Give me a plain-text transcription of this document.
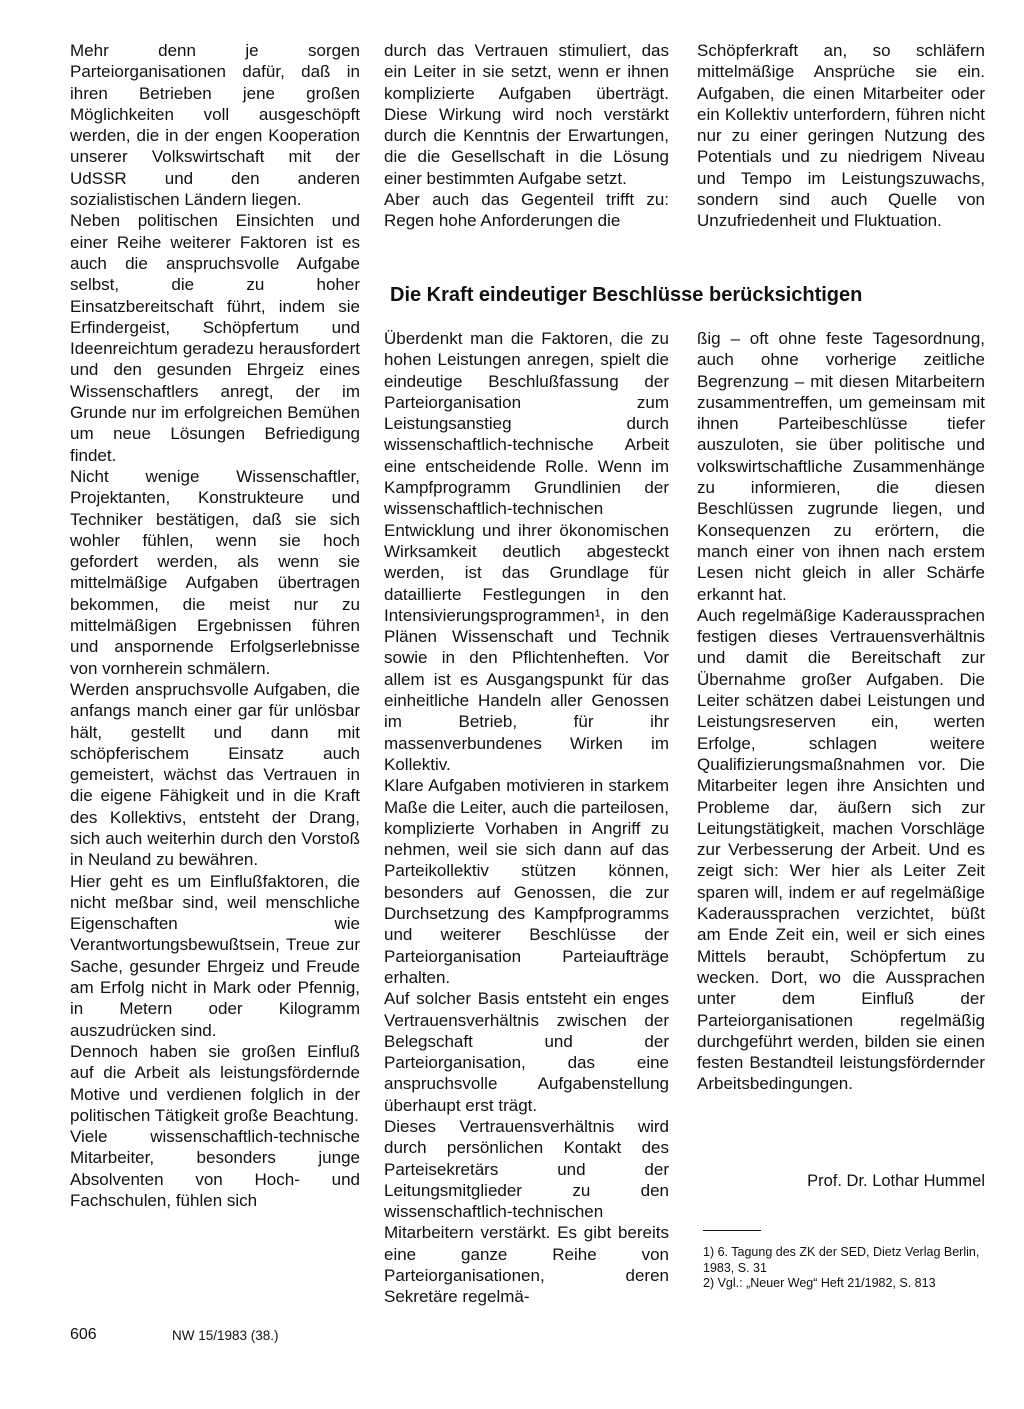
Mehr denn je sorgen Parteiorganisationen dafür, daß in ihren Betrieben jene großen Möglichkeiten voll ausgeschöpft werden, die in der engen Kooperation unserer Volkswirtschaft mit der UdSSR und den anderen sozialistischen Ländern liegen.

Neben politischen Einsichten und einer Reihe weiterer Faktoren ist es auch die anspruchsvolle Aufgabe selbst, die zu hoher Einsatzbereitschaft führt, indem sie Erfindergeist, Schöpfertum und Ideenreichtum geradezu herausfordert und den gesunden Ehrgeiz eines Wissenschaftlers anregt, der im Grunde nur im erfolgreichen Bemühen um neue Lösungen Befriedigung findet.

Nicht wenige Wissenschaftler, Projektanten, Konstrukteure und Techniker bestätigen, daß sie sich wohler fühlen, wenn sie hoch gefordert werden, als wenn sie mittelmäßige Aufgaben übertragen bekommen, die meist nur zu mittelmäßigen Ergebnissen führen und anspornende Erfolgserlebnisse von vornherein schmälern.

Werden anspruchsvolle Aufgaben, die anfangs manch einer gar für unlösbar hält, gestellt und dann mit schöpferischem Einsatz auch gemeistert, wächst das Vertrauen in die eigene Fähigkeit und in die Kraft des Kollektivs, entsteht der Drang, sich auch weiterhin durch den Vorstoß in Neuland zu bewähren.

Hier geht es um Einflußfaktoren, die nicht meßbar sind, weil menschliche Eigenschaften wie Verantwortungsbewußtsein, Treue zur Sache, gesunder Ehrgeiz und Freude am Erfolg nicht in Mark oder Pfennig, in Metern oder Kilogramm auszudrücken sind.

Dennoch haben sie großen Einfluß auf die Arbeit als leistungsfördernde Motive und verdienen folglich in der politischen Tätigkeit große Beachtung.

Viele wissenschaftlich-technische Mitarbeiter, besonders junge Absolventen von Hoch- und Fachschulen, fühlen sich

durch das Vertrauen stimuliert, das ein Leiter in sie setzt, wenn er ihnen komplizierte Aufgaben überträgt. Diese Wirkung wird noch verstärkt durch die Kenntnis der Erwartungen, die die Gesellschaft in die Lösung einer bestimmten Aufgabe setzt.

Aber auch das Gegenteil trifft zu: Regen hohe Anforderungen die

Schöpferkraft an, so schläfern mittelmäßige Ansprüche sie ein. Aufgaben, die einen Mitarbeiter oder ein Kollektiv unterfordern, führen nicht nur zu einer geringen Nutzung des Potentials und zu niedrigem Niveau und Tempo im Leistungszuwachs, sondern sind auch Quelle von Unzufriedenheit und Fluktuation.

Die Kraft eindeutiger Beschlüsse berücksichtigen

Überdenkt man die Faktoren, die zu hohen Leistungen anregen, spielt die eindeutige Beschlußfassung der Parteiorganisation zum Leistungsanstieg durch wissenschaftlich-technische Arbeit eine entscheidende Rolle. Wenn im Kampfprogramm Grundlinien der wissenschaftlich-technischen Entwicklung und ihrer ökonomischen Wirksamkeit deutlich abgesteckt werden, ist das Grundlage für datailliertе Festlegungen in den Intensivierungsprogrammen¹, in den Plänen Wissenschaft und Technik sowie in den Pflichtenheften. Vor allem ist es Ausgangspunkt für das einheitliche Handeln aller Genossen im Betrieb, für ihr massenverbundenes Wirken im Kollektiv.

Klare Aufgaben motivieren in starkem Maße die Leiter, auch die parteilosen, komplizierte Vorhaben in Angriff zu nehmen, weil sie sich dann auf das Parteikollektiv stützen können, besonders auf Genossen, die zur Durchsetzung des Kampfprogramms und weiterer Beschlüsse der Parteiorganisation Parteiaufträge erhalten.

Auf solcher Basis entsteht ein enges Vertrauensverhältnis zwischen der Belegschaft und der Parteiorganisation, das eine anspruchsvolle Aufgabenstellung überhaupt erst trägt.

Dieses Vertrauensverhältnis wird durch persönlichen Kontakt des Parteisekretärs und der Leitungsmitglieder zu den wissenschaftlich-technischen Mitarbeitern verstärkt. Es gibt bereits eine ganze Reihe von Parteiorganisationen, deren Sekretäre regelmä-

ßig – oft ohne feste Tagesordnung, auch ohne vorherige zeitliche Begrenzung – mit diesen Mitarbeitern zusammentreffen, um gemeinsam mit ihnen Parteibeschlüsse tiefer auszuloten, sie über politische und volkswirtschaftliche Zusammenhänge zu informieren, die diesen Beschlüssen zugrunde liegen, und Konsequenzen zu erörtern, die manch einer von ihnen nach erstem Lesen nicht gleich in aller Schärfe erkannt hat.

Auch regelmäßige Kaderaussprachen festigen dieses Vertrauensverhältnis und damit die Bereitschaft zur Übernahme großer Aufgaben. Die Leiter schätzen dabei Leistungen und Leistungsreserven ein, werten Erfolge, schlagen weitere Qualifizierungsmaßnahmen vor. Die Mitarbeiter legen ihre Ansichten und Probleme dar, äußern sich zur Leitungstätigkeit, machen Vorschläge zur Verbesserung der Arbeit. Und es zeigt sich: Wer hier als Leiter Zeit sparen will, indem er auf regelmäßige Kaderaussprachen verzichtet, büßt am Ende Zeit ein, weil er sich eines Mittels beraubt, Schöpfertum zu wecken. Dort, wo die Aussprachen unter dem Einfluß der Parteiorganisationen regelmäßig durchgeführt werden, bilden sie einen festen Bestandteil leistungsfördernder Arbeitsbedingungen.

Prof. Dr. Lothar Hummel

1) 6. Tagung des ZK der SED, Dietz Verlag Berlin, 1983, S. 31

2) Vgl.: „Neuer Weg“ Heft 21/1982, S. 813

606	NW 15/1983 (38.)
